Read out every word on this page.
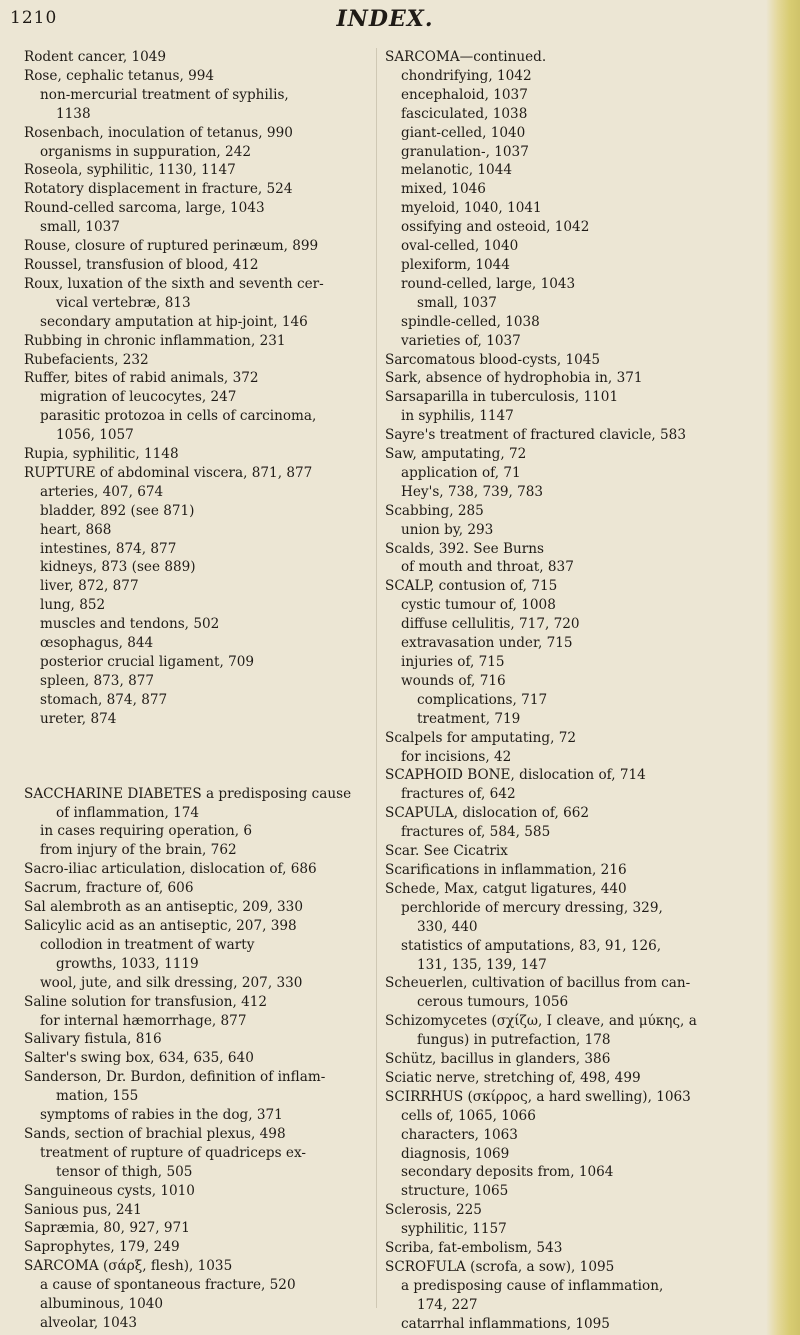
1210	INDEX.
Rodent cancer, 1049
Rose, cephalic tetanus, 994
non-mercurial treatment of syphilis,
1138
Rosenbach, inoculation of tetanus, 990
organisms in suppuration, 242
Roseola, syphilitic, 1130, 1147
Rotatory displacement in fracture, 524
Round-celled sarcoma, large, 1043
small, 1037
Rouse, closure of ruptured perinæum, 899
Roussel, transfusion of blood, 412
Roux, luxation of the sixth and seventh cer-
vical vertebræ, 813
secondary amputation at hip-joint, 146
Rubbing in chronic inflammation, 231
Rubefacients, 232
Ruffer, bites of rabid animals, 372
migration of leucocytes, 247
parasitic protozoa in cells of carcinoma,
1056, 1057
Rupia, syphilitic, 1148
RUPTURE of abdominal viscera, 871, 877
arteries, 407, 674
bladder, 892 (see 871)
heart, 868
intestines, 874, 877
kidneys, 873 (see 889)
liver, 872, 877
lung, 852
muscles and tendons, 502
œsophagus, 844
posterior crucial ligament, 709
spleen, 873, 877
stomach, 874, 877
ureter, 874
SACCHARINE DIABETES a predisposing cause
of inflammation, 174
in cases requiring operation, 6
from injury of the brain, 762
Sacro-iliac articulation, dislocation of, 686
Sacrum, fracture of, 606
Sal alembroth as an antiseptic, 209, 330
Salicylic acid as an antiseptic, 207, 398
collodion in treatment of warty
growths, 1033, 1119
wool, jute, and silk dressing, 207, 330
Saline solution for transfusion, 412
for internal hæmorrhage, 877
Salivary fistula, 816
Salter's swing box, 634, 635, 640
Sanderson, Dr. Burdon, definition of inflam-
mation, 155
symptoms of rabies in the dog, 371
Sands, section of brachial plexus, 498
treatment of rupture of quadriceps ex-
tensor of thigh, 505
Sanguineous cysts, 1010
Sanious pus, 241
Sapræmia, 80, 927, 971
Saprophytes, 179, 249
SARCOMA (σάρξ, flesh), 1035
a cause of spontaneous fracture, 520
albuminous, 1040
alveolar, 1043
SARCOMA—continued.
chondrifying, 1042
encephaloid, 1037
fasciculated, 1038
giant-celled, 1040
granulation-, 1037
melanotic, 1044
mixed, 1046
myeloid, 1040, 1041
ossifying and osteoid, 1042
oval-celled, 1040
plexiform, 1044
round-celled, large, 1043
small, 1037
spindle-celled, 1038
varieties of, 1037
Sarcomatous blood-cysts, 1045
Sark, absence of hydrophobia in, 371
Sarsaparilla in tuberculosis, 1101
in syphilis, 1147
Sayre's treatment of fractured clavicle, 583
Saw, amputating, 72
application of, 71
Hey's, 738, 739, 783
Scabbing, 285
union by, 293
Scalds, 392. See Burns
of mouth and throat, 837
SCALP, contusion of, 715
cystic tumour of, 1008
diffuse cellulitis, 717, 720
extravasation under, 715
injuries of, 715
wounds of, 716
complications, 717
treatment, 719
Scalpels for amputating, 72
for incisions, 42
SCAPHOID BONE, dislocation of, 714
fractures of, 642
SCAPULA, dislocation of, 662
fractures of, 584, 585
Scar. See Cicatrix
Scarifications in inflammation, 216
Schede, Max, catgut ligatures, 440
perchloride of mercury dressing, 329,
330, 440
statistics of amputations, 83, 91, 126,
131, 135, 139, 147
Scheuerlen, cultivation of bacillus from can-
cerous tumours, 1056
Schizomycetes (σχίζω, I cleave, and μύκης, a
fungus) in putrefaction, 178
Schütz, bacillus in glanders, 386
Sciatic nerve, stretching of, 498, 499
SCIRRHUS (σκίρρος, a hard swelling), 1063
cells of, 1065, 1066
characters, 1063
diagnosis, 1069
secondary deposits from, 1064
structure, 1065
Sclerosis, 225
syphilitic, 1157
Scriba, fat-embolism, 543
SCROFULA (scrofa, a sow), 1095
a predisposing cause of inflammation,
174, 227
catarrhal inflammations, 1095
